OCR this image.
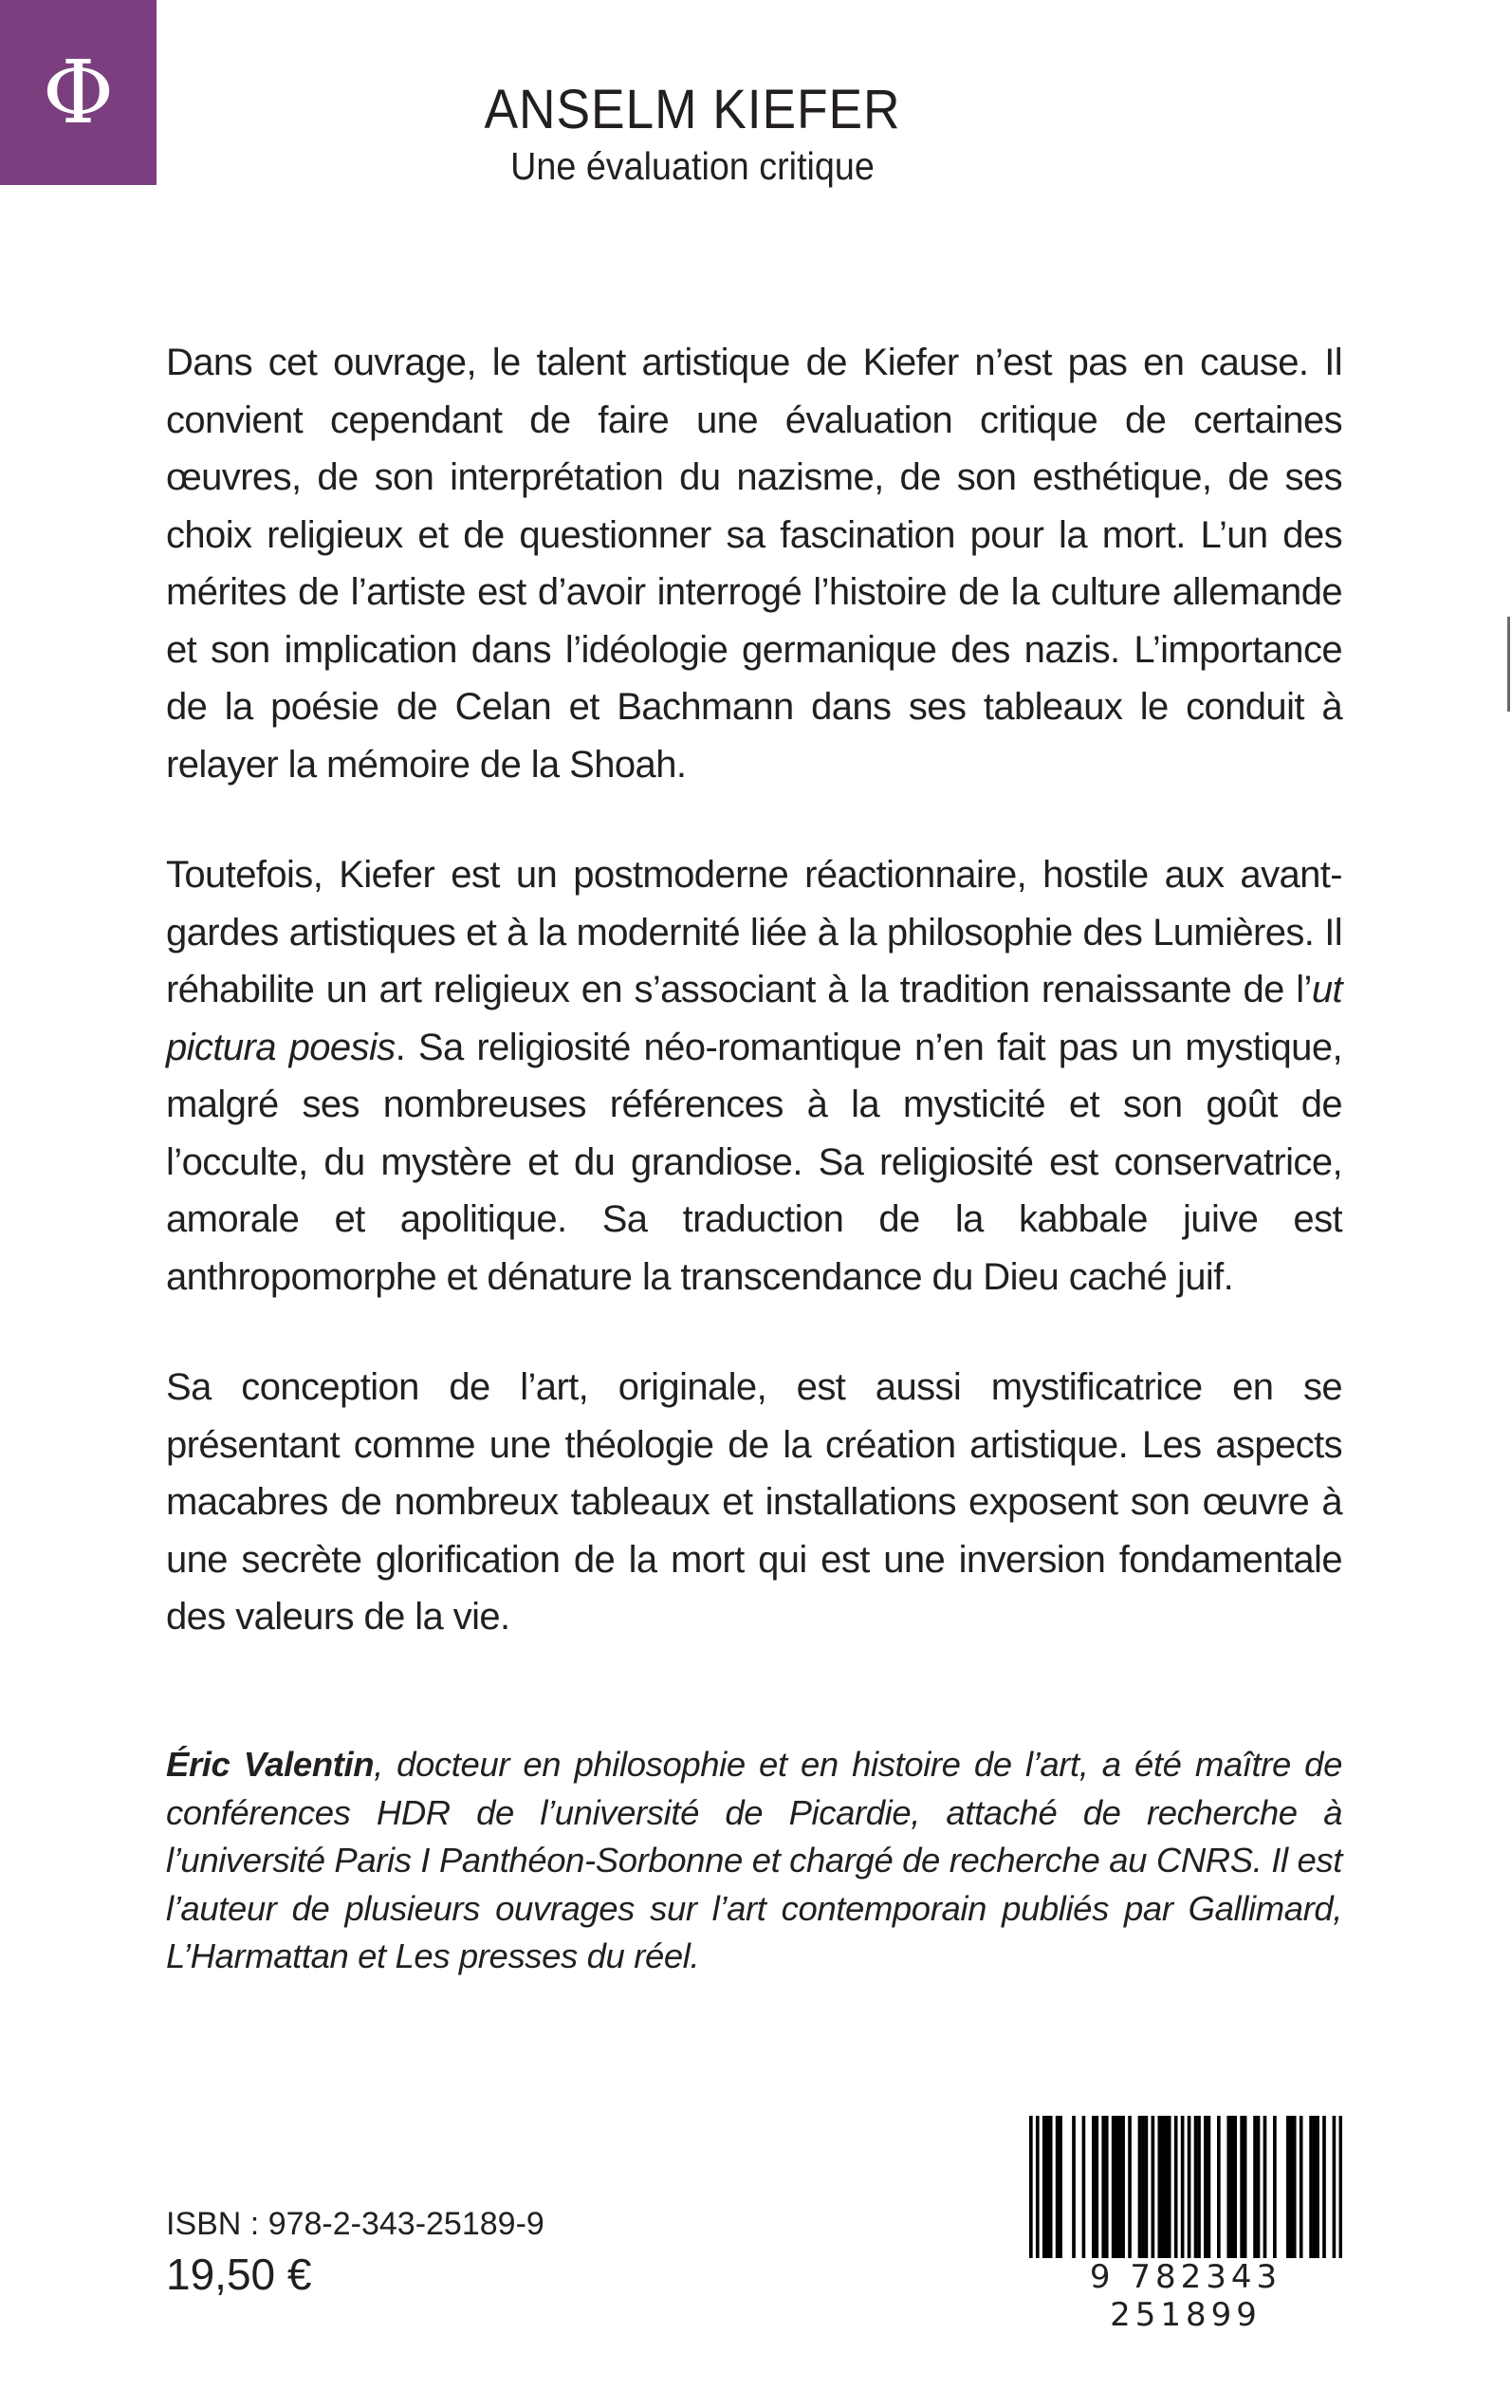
Φ	ANSELM KIEFER

Une évaluation critique

Dans cet ouvrage, le talent artistique de Kiefer n’est pas en cause. Il convient cependant de faire une évaluation critique de certaines œuvres, de son interprétation du nazisme, de son esthétique, de ses choix religieux et de questionner sa fascination pour la mort. L’un des mérites de l’artiste est d’avoir interrogé l’histoire de la culture allemande et son implication dans l’idéologie germanique des nazis. L’importance de la poésie de Celan et Bachmann dans ses tableaux le conduit à relayer la mémoire de la Shoah.

Toutefois, Kiefer est un postmoderne réactionnaire, hostile aux avant-gardes artistiques et à la modernité liée à la philosophie des Lumières. Il réhabilite un art religieux en s’associant à la tradition renaissante de l’ut pictura poesis. Sa religiosité néo-romantique n’en fait pas un mystique, malgré ses nombreuses références à la mysticité et son goût de l’occulte, du mystère et du grandiose. Sa religiosité est conservatrice, amorale et apolitique. Sa traduction de la kabbale juive est anthropomorphe et dénature la transcendance du Dieu caché juif.

Sa conception de l’art, originale, est aussi mystificatrice en se présentant comme une théologie de la création artistique. Les aspects macabres de nombreux tableaux et installations exposent son œuvre à une secrète glorification de la mort qui est une inversion fondamentale des valeurs de la vie.

Éric Valentin, docteur en philosophie et en histoire de l’art, a été maître de conférences HDR de l’université de Picardie, attaché de recherche à l’université Paris I Panthéon-Sorbonne et chargé de recherche au CNRS. Il est l’auteur de plusieurs ouvrages sur l’art contemporain publiés par Gallimard, L’Harmattan et Les presses du réel.
ISBN : 978-2-343-25189-9
19,50 €	9 782343 251899
